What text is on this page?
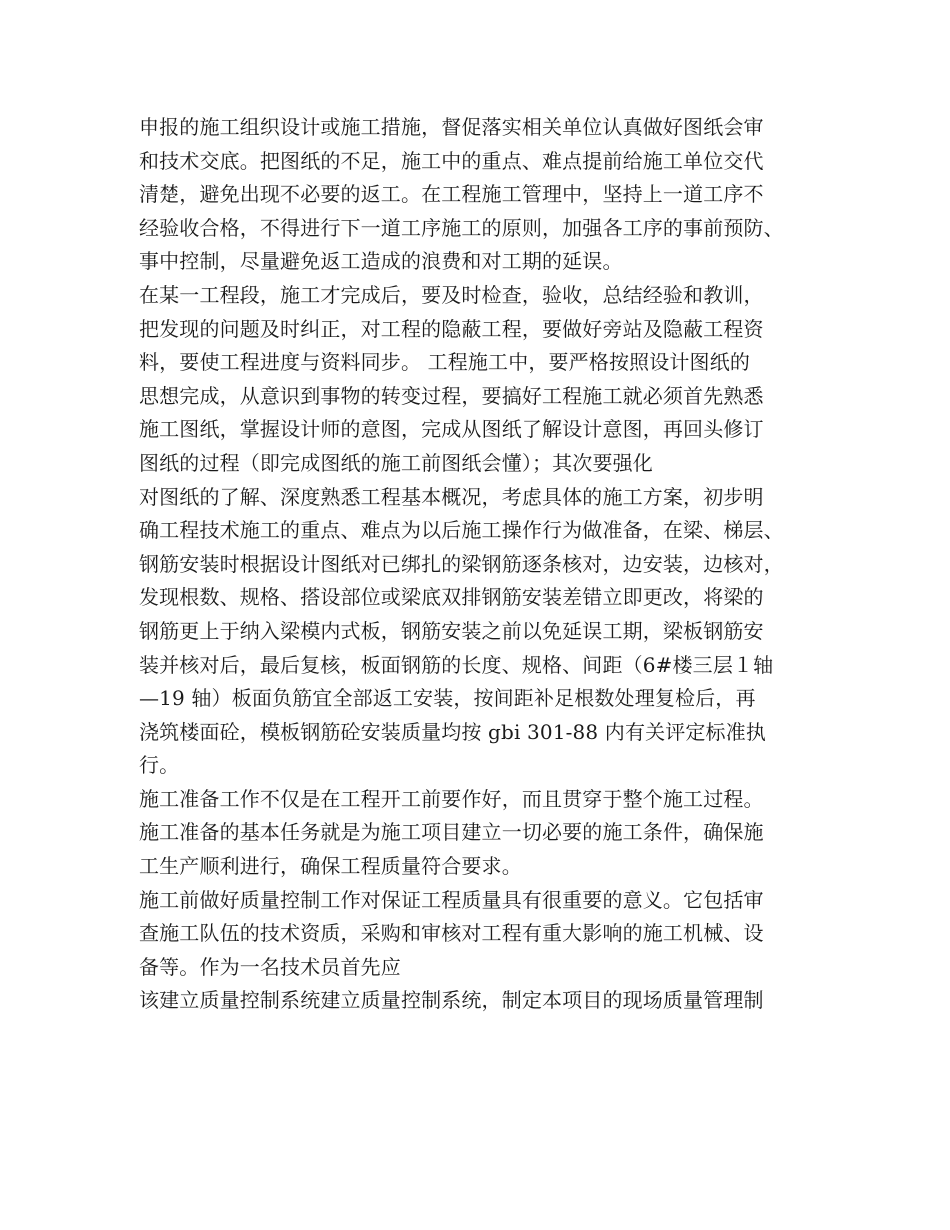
申报的施工组织设计或施工措施，督促落实相关单位认真做好图纸会审
和技术交底。把图纸的不足，施工中的重点、难点提前给施工单位交代
清楚，避免出现不必要的返工。在工程施工管理中，坚持上一道工序不
经验收合格，不得进行下一道工序施工的原则，加强各工序的事前预防、
事中控制，尽量避免返工造成的浪费和对工期的延误。
在某一工程段，施工才完成后，要及时检查，验收，总结经验和教训，
把发现的问题及时纠正，对工程的隐蔽工程，要做好旁站及隐蔽工程资
料，要使工程进度与资料同步。 工程施工中，要严格按照设计图纸的
思想完成，从意识到事物的转变过程，要搞好工程施工就必须首先熟悉
施工图纸，掌握设计师的意图，完成从图纸了解设计意图，再回头修订
图纸的过程（即完成图纸的施工前图纸会懂）；其次要强化
对图纸的了解、深度熟悉工程基本概况，考虑具体的施工方案，初步明
确工程技术施工的重点、难点为以后施工操作行为做准备，在梁、梯层、
钢筋安装时根据设计图纸对已绑扎的梁钢筋逐条核对，边安装，边核对，
发现根数、规格、搭设部位或梁底双排钢筋安装差错立即更改，将梁的
钢筋更上于纳入梁模内式板，钢筋安装之前以免延误工期，梁板钢筋安
装并核对后，最后复核，板面钢筋的长度、规格、间距（6#楼三层１轴
—19 轴）板面负筋宜全部返工安装，按间距补足根数处理复检后，再
浇筑楼面砼，模板钢筋砼安装质量均按 gbi 301-88 内有关评定标准执
行。
施工准备工作不仅是在工程开工前要作好，而且贯穿于整个施工过程。
施工准备的基本任务就是为施工项目建立一切必要的施工条件，确保施
工生产顺利进行，确保工程质量符合要求。
施工前做好质量控制工作对保证工程质量具有很重要的意义。它包括审
查施工队伍的技术资质，采购和审核对工程有重大影响的施工机械、设
备等。作为一名技术员首先应
该建立质量控制系统建立质量控制系统，制定本项目的现场质量管理制
